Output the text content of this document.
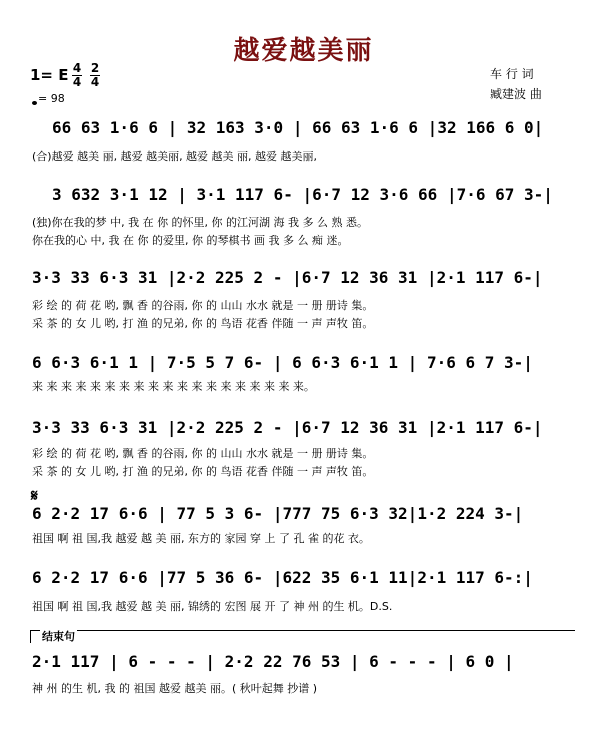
越爱越美丽
1= E 4
4
2
4
= 98
车 行 词
臧建波 曲
66 63 1·6 6 | 32 163 3·0 | 66 63 1·6 6 |32 166 6 0|
(合)越爱 越美 丽, 越爱 越美丽, 越爱 越美 丽, 越爱 越美丽,
3 632 3·1 12 | 3·1 117 6- |6·7 12 3·6 66 |7·6 67 3-|
(独)你在我的梦 中, 我 在 你 的怀里, 你 的江河湖 海 我 多 么 熟 悉。
你在我的心 中, 我 在 你 的爱里, 你 的琴棋书 画 我 多 么 痴 迷。
3·3 33 6·3 31 |2·2 225 2 - |6·7 12 36 31 |2·1 117 6-|
彩 绘 的 荷 花 哟, 飘 香 的谷雨, 你 的 山山 水水 就是 一 册 册诗 集。
采 茶 的 女 儿 哟, 打 渔 的兄弟, 你 的 鸟语 花香 伴随 一 声 声牧 笛。
6 6·3 6·1 1 | 7·5 5 7 6- | 6 6·3 6·1 1 | 7·6 6 7 3-|
来 来 来 来 来 来 来 来 来 来 来 来 来 来 来 来 来 来 来。
3·3 33 6·3 31 |2·2 225 2 - |6·7 12 36 31 |2·1 117 6-|
彩 绘 的 荷 花 哟, 飘 香 的谷雨, 你 的 山山 水水 就是 一 册 册诗 集。
采 茶 的 女 儿 哟, 打 渔 的兄弟, 你 的 鸟语 花香 伴随 一 声 声牧 笛。
𝄋
6 2·2 17 6·6 | 77 5 3 6- |777 75 6·3 32|1·2 224 3-|
祖国 啊 祖 国,我 越爱 越 美 丽, 东方的 家园 穿 上 了 孔 雀 的花 衣。
6 2·2 17 6·6 |77 5 36 6- |622 35 6·1 11|2·1 117 6-:|
祖国 啊 祖 国,我 越爱 越 美 丽, 锦绣的 宏图 展 开 了 神 州 的生 机。D.S.
结束句
2·1 117 | 6 - - - | 2·2 22 76 53 | 6 - - - | 6 0 |
神 州 的生 机, 我 的 祖国 越爱 越美 丽。( 秋叶起舞 抄谱 )
